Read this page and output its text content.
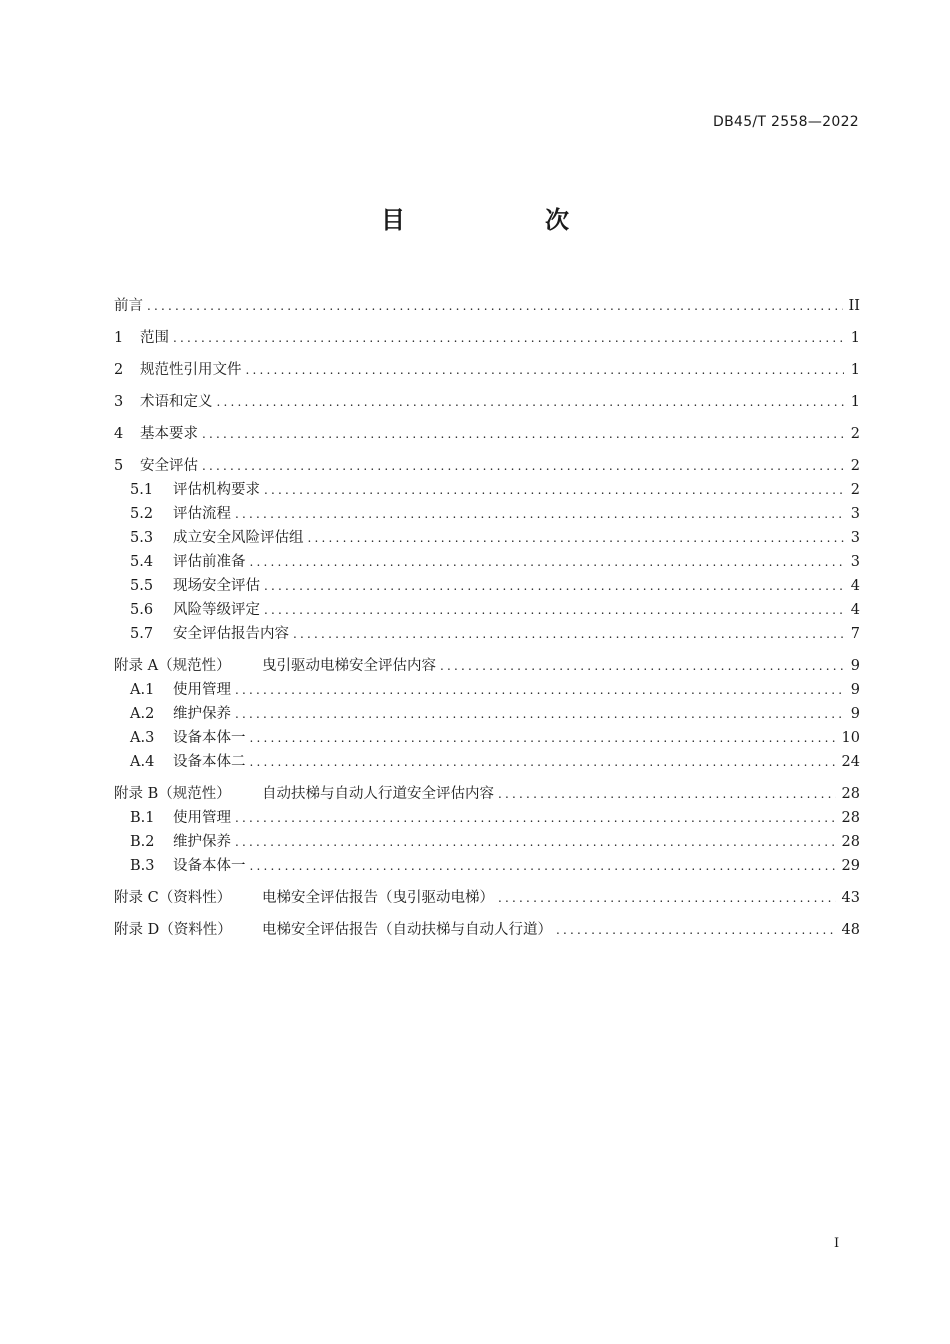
DB45/T 2558—2022
目　次
前言 .....	II
1	范围 .....	1
2	规范性引用文件 .....	1
3	术语和定义 .....	1
4	基本要求 .....	2
5	安全评估 .....	2
5.1	评估机构要求 .....	2
5.2	评估流程 .....	3
5.3	成立安全风险评估组 .....	3
5.4	评估前准备 .....	3
5.5	现场安全评估 .....	4
5.6	风险等级评定 .....	4
5.7	安全评估报告内容 .....	7
附录 A（规范性）	曳引驱动电梯安全评估内容 .....	9
A.1	使用管理 .....	9
A.2	维护保养 .....	9
A.3	设备本体一 .....	10
A.4	设备本体二 .....	24
附录 B（规范性）	自动扶梯与自动人行道安全评估内容 .....	28
B.1	使用管理 .....	28
B.2	维护保养 .....	28
B.3	设备本体一 .....	29
附录 C（资料性）	电梯安全评估报告（曳引驱动电梯） .....	43
附录 D（资料性）	电梯安全评估报告（自动扶梯与自动人行道） .....	48
I
